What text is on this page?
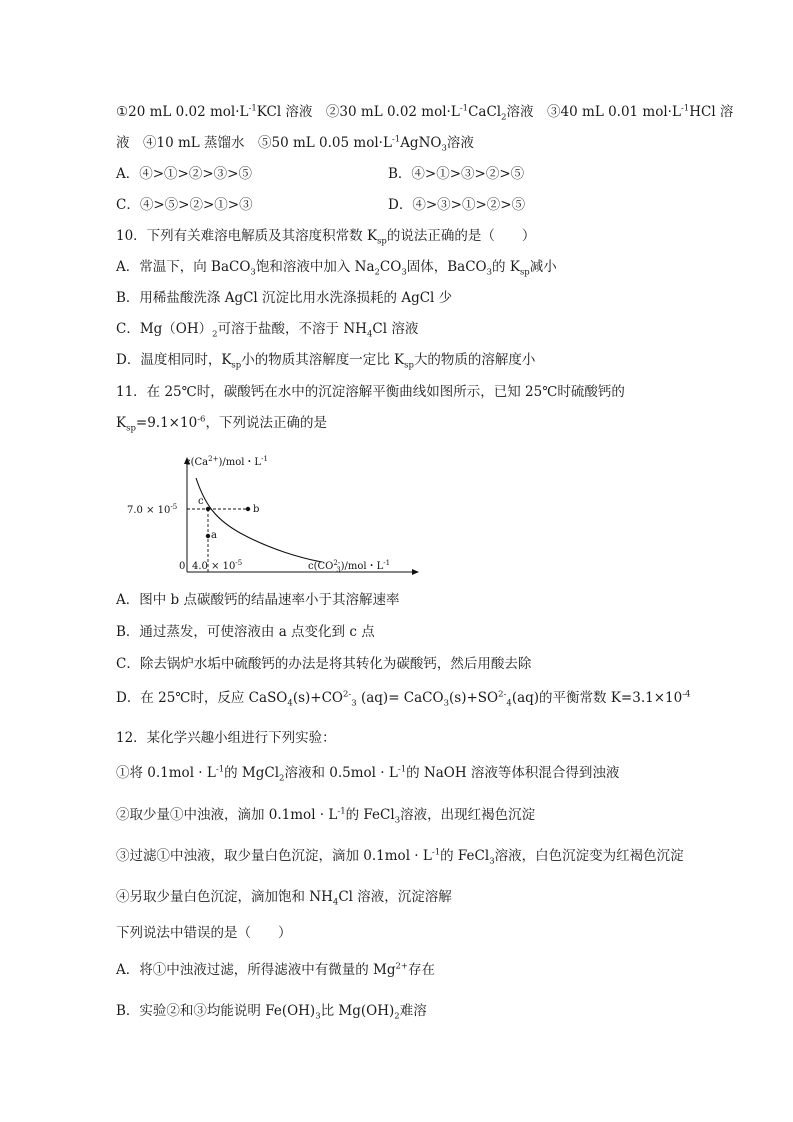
①20 mL 0.02 $mol\cdot L^{-1}KCl$ 溶液　②30 mL 0.02 $mol\cdot L^{-1}CaCl_2$溶液　③40 mL 0.01 $mol\cdot L^{-1}HCl$ 溶
液　④10 mL 蒸馏水　⑤50 mL 0.05 $mol\cdot L^{-1}AgNO_3$溶液
A．④>①>②>③>⑤	B．④>①>③>②>⑤
C．④>⑤>②>①>③	D．④>③>①>②>⑤
10．下列有关难溶电解质及其溶度积常数 $K_{sp}$的说法正确的是（　　）
A．常温下，向 BaCO$_3$饱和溶液中加入 $Na_2CO_3$固体，BaCO$_3$的 $K_{sp}$减小
B．用稀盐酸洗涤 AgCl 沉淀比用水洗涤损耗的 AgCl 少
C．$Mg(OH)_2$可溶于盐酸，不溶于 $NH_4Cl$ 溶液
D．温度相同时，$K_{sp}$小的物质其溶解度一定比 $K_{sp}$大的物质的溶解度小
11．在 25℃时，碳酸钙在水中的沉淀溶解平衡曲线如图所示，已知 25℃时硫酸钙的
$K_{sp}=9.1\times 10^{-6}$，下列说法正确的是
c
b
a
$c(Ca^{2+})$/mol・$L^{-1}$
$7.0 \times 10^{-5}$
0 $4.0 \times 10^{-5}$	$c(CO^{2-}3)$/mol・$L^{-1}$
A．图中 b 点碳酸钙的结晶速率小于其溶解速率
B．通过蒸发，可使溶液由 a 点变化到 c 点
C．除去锅炉水垢中硫酸钙的办法是将其转化为碳酸钙，然后用酸去除
D．在 25℃时，反应 $CaSO_4(s)+CO^{2-}_3$ $(aq)= CaCO_3(s)+SO^{2-}_4(aq)$的平衡常数 $K=3.1\times 10^{-4}$
12．某化学兴趣小组进行下列实验：
①将 $0.1mol \cdot L^{-1}$的 MgCl$_2$溶液和 $0.5mol \cdot L^{-1}$的 NaOH 溶液等体积混合得到浊液
②取少量①中浊液，滴加 $0.1mol \cdot L^{-1}$的 FeCl$_3$溶液，出现红褐色沉淀
③过滤①中浊液，取少量白色沉淀，滴加 $0.1mol \cdot L^{-1}$的 FeCl$_3$溶液，白色沉淀变为红褐色沉淀
④另取少量白色沉淀，滴加饱和 $NH_4Cl$ 溶液，沉淀溶解
下列说法中错误的是（　　）
A．将①中浊液过滤，所得滤液中有微量的 $Mg^{2+}$存在
B．实验②和③均能说明 $Fe(OH)_3$比 $Mg(OH)_2$难溶
